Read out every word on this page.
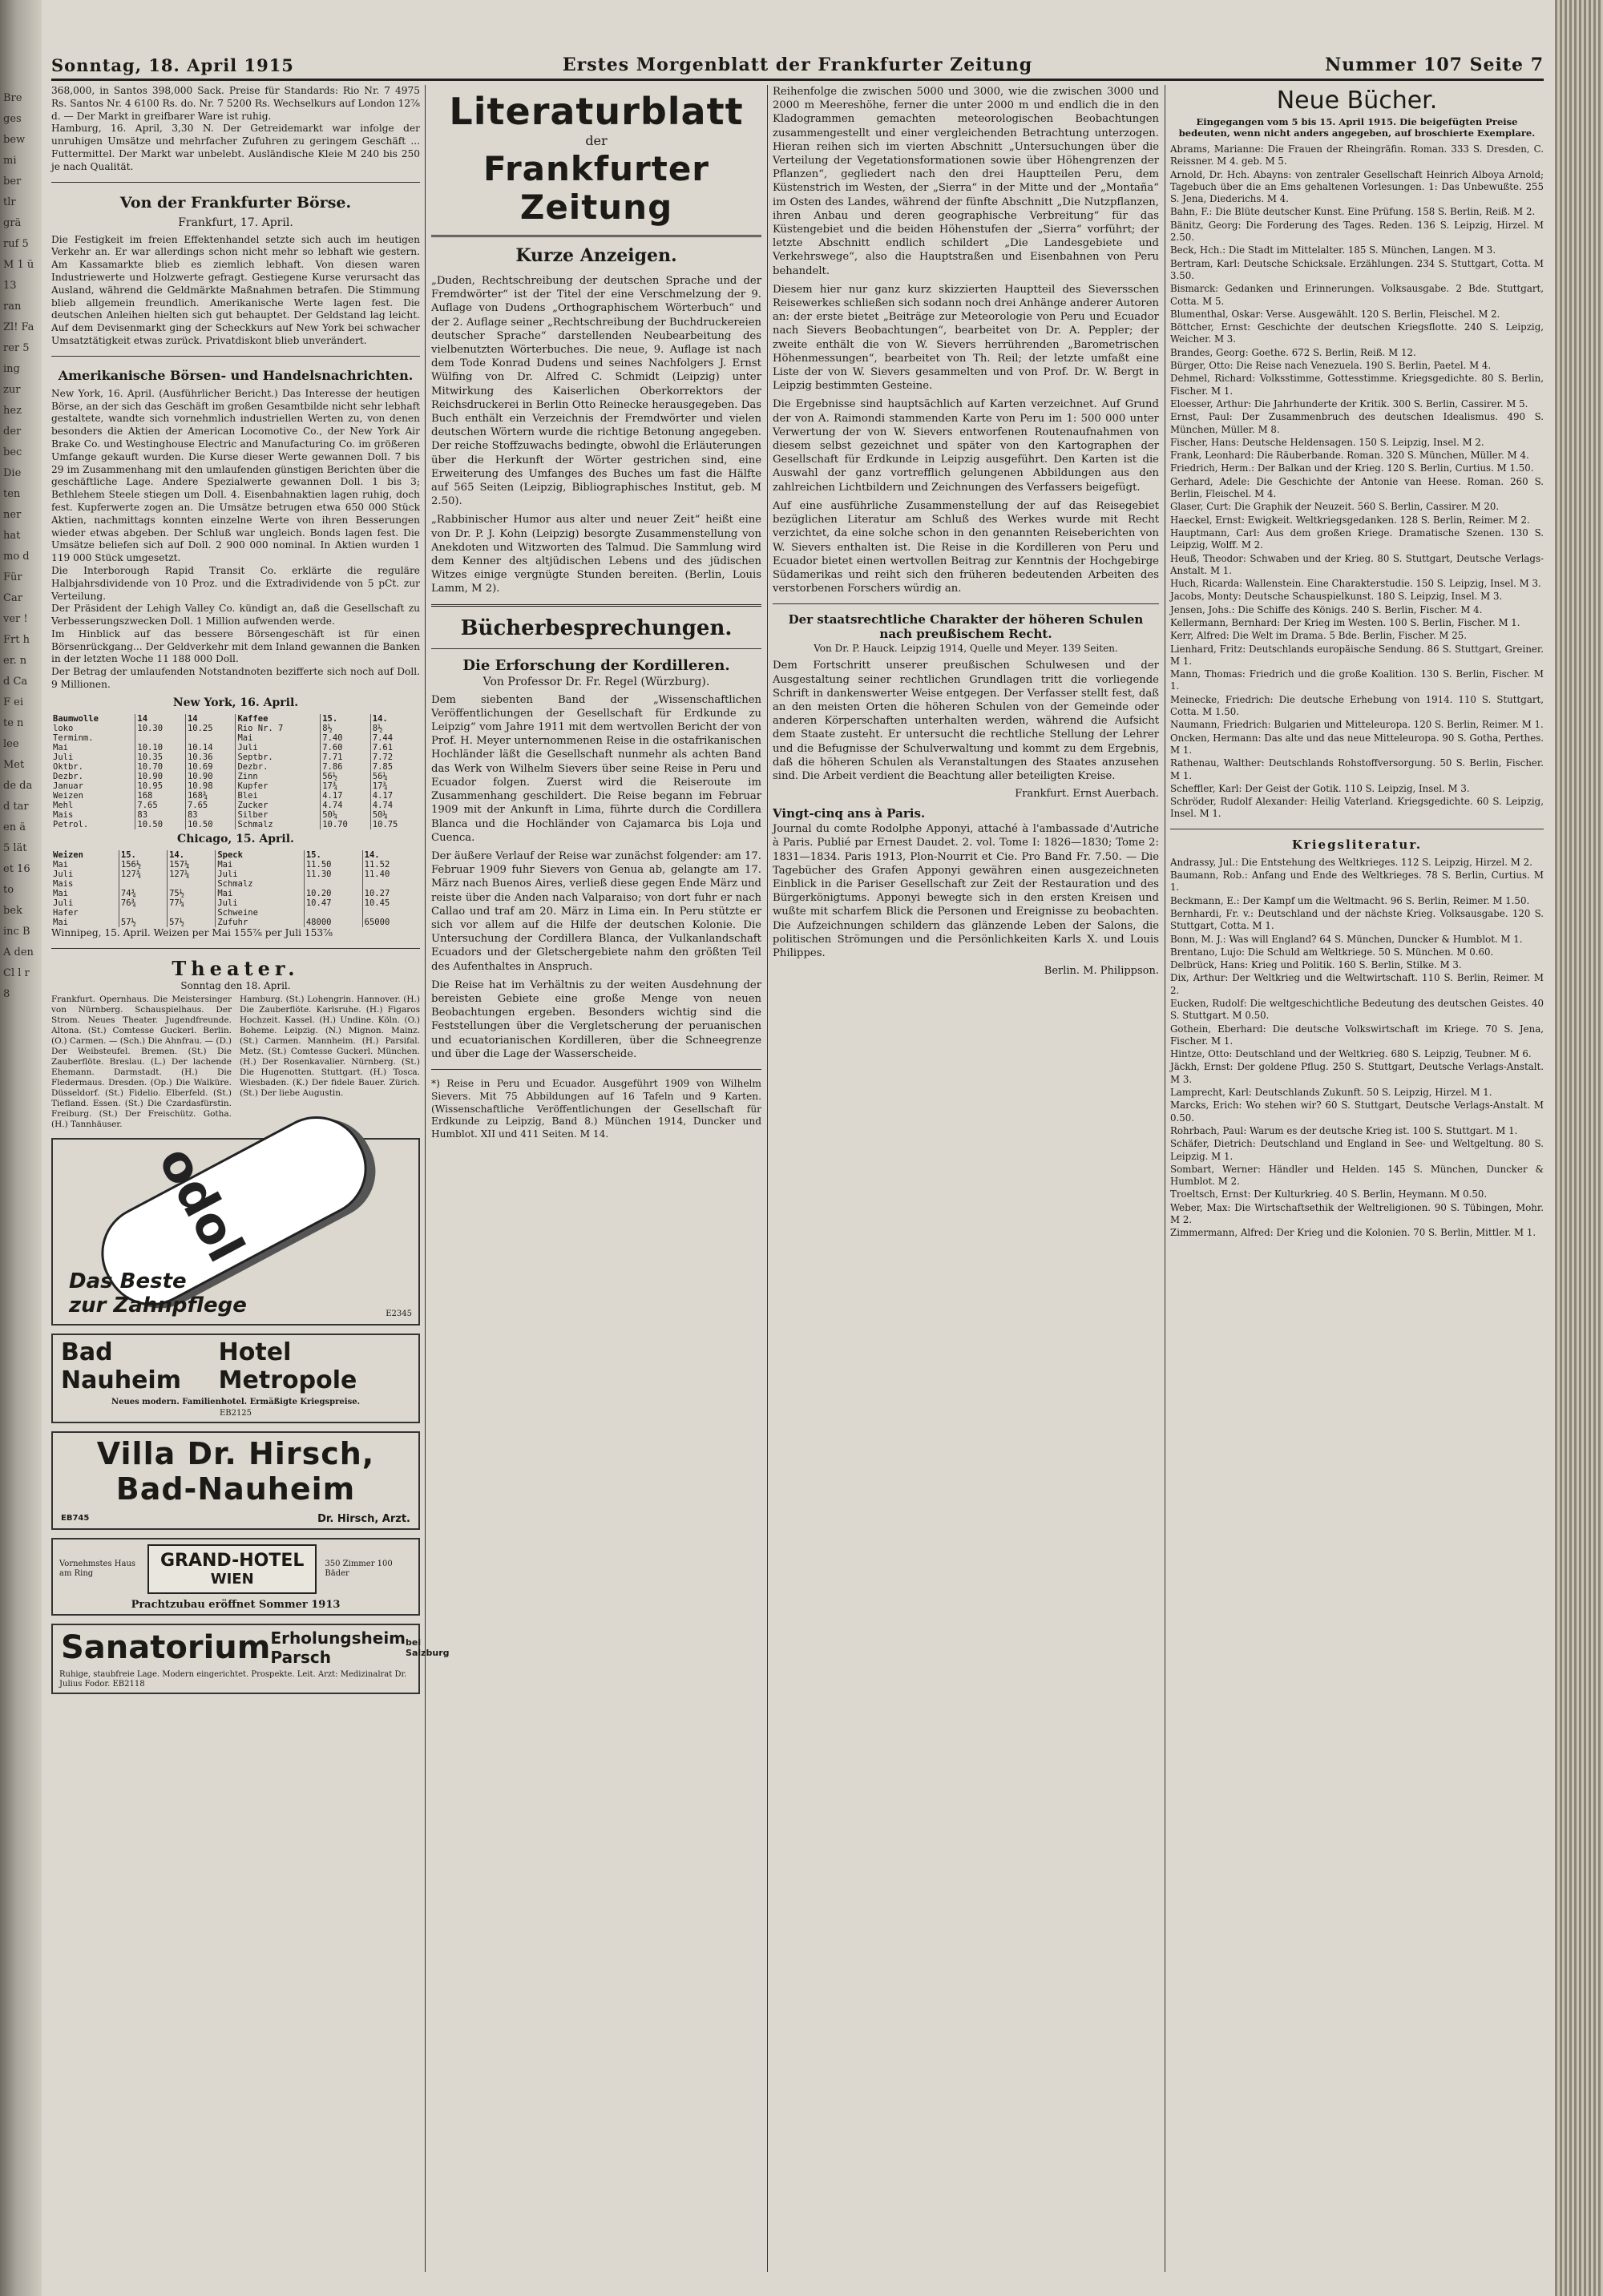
Bre ges bew mi ber tlr grä ruf 5 M 1 ü 13 ran Zl! Fa rer 5 ing zur hez der bec Die ten ner hat mo d Für Car ver ! Frt h er. n d Ca F ei te n lee Met de da d tar en ä 5 lät et 16 to bek inc B A den Cl l r 8
Sonntag, 18. April 1915	Erstes Morgenblatt der Frankfurter Zeitung	Nummer 107 Seite 7

368,000, in Santos 398,000 Sack. Preise für Standards: Rio Nr. 7 4975 Rs. Santos Nr. 4 6100 Rs. do. Nr. 7 5200 Rs. Wechselkurs auf London 12⅞ d. — Der Markt in greifbarer Ware ist ruhig.

Hamburg, 16. April, 3,30 N. Der Getreidemarkt war infolge der unruhigen Umsätze und mehrfacher Zufuhren zu geringem Geschäft ... Futtermittel. Der Markt war unbelebt. Ausländische Kleie M 240 bis 250 je nach Qualität.

Von der Frankfurter Börse.
Frankfurt, 17. April.

Die Festigkeit im freien Effektenhandel setzte sich auch im heutigen Verkehr an. Er war allerdings schon nicht mehr so lebhaft wie gestern. Am Kassamarkte blieb es ziemlich lebhaft. Von diesen waren Industriewerte und Holzwerte gefragt. Gestiegene Kurse verursacht das Ausland, während die Geldmärkte Maßnahmen betrafen. Die Stimmung blieb allgemein freundlich. Amerikanische Werte lagen fest. Die deutschen Anleihen hielten sich gut behauptet. Der Geldstand lag leicht. Auf dem Devisenmarkt ging der Scheckkurs auf New York bei schwacher Umsatztätigkeit etwas zurück. Privatdiskont blieb unverändert.

Amerikanische Börsen- und Handelsnachrichten.

New York, 16. April. (Ausführlicher Bericht.) Das Interesse der heutigen Börse, an der sich das Geschäft im großen Gesamtbilde nicht sehr lebhaft gestaltete, wandte sich vornehmlich industriellen Werten zu, von denen besonders die Aktien der American Locomotive Co., der New York Air Brake Co. und Westinghouse Electric and Manufacturing Co. im größeren Umfange gekauft wurden. Die Kurse dieser Werte gewannen Doll. 7 bis 29 im Zusammenhang mit den umlaufenden günstigen Berichten über die geschäftliche Lage. Andere Spezialwerte gewannen Doll. 1 bis 3; Bethlehem Steele stiegen um Doll. 4. Eisenbahnaktien lagen ruhig, doch fest. Kupferwerte zogen an. Die Umsätze betrugen etwa 650 000 Stück Aktien, nachmittags konnten einzelne Werte von ihren Besserungen wieder etwas abgeben. Der Schluß war ungleich. Bonds lagen fest. Die Umsätze beliefen sich auf Doll. 2 900 000 nominal. In Aktien wurden 1 119 000 Stück umgesetzt.

Die Interborough Rapid Transit Co. erklärte die reguläre Halbjahrsdividende von 10 Proz. und die Extradividende von 5 pCt. zur Verteilung.

Der Präsident der Lehigh Valley Co. kündigt an, daß die Gesellschaft zu Verbesserungszwecken Doll. 1 Million aufwenden werde.

Im Hinblick auf das bessere Börsengeschäft ist für einen Börsenrückgang... Der Geldverkehr mit dem Inland gewannen die Banken in der letzten Woche 11 188 000 Doll.

Der Betrag der umlaufenden Notstandnoten bezifferte sich noch auf Doll. 9 Millionen.

New York, 16. April.
Baumwolle	14	14	Kaffee	15.	14.
loko	10.30	10.25	Rio Nr. 7	8½	8½
Terminm.			Mai	7.40	7.44
Mai	10.10	10.14	Juli	7.60	7.61
Juli	10.35	10.36	Septbr.	7.71	7.72
Oktbr.	10.70	10.69	Dezbr.	7.86	7.85
Dezbr.	10.90	10.90	Zinn	56½	56¼
Januar	10.95	10.98	Kupfer	17¾	17¾
Weizen	168	168¾	Blei	4.17	4.17
Mehl	7.65	7.65	Zucker	4.74	4.74
Mais	83	83	Silber	50¼	50¼
Petrol.	10.50	10.50	Schmalz	10.70	10.75
Chicago, 15. April.
Weizen	15.	14.	Speck	15.	14.
Mai	156½	157¼	Mai	11.50	11.52
Juli	127¾	127¼	Juli	11.30	11.40
Mais			Schmalz		
Mai	74¾	75½	Mai	10.20	10.27
Juli	76¾	77¼	Juli	10.47	10.45
Hafer			Schweine		
Mai	57½	57½	Zufuhr	48000	65000

Winnipeg, 15. April. Weizen per Mai 155⅞ per Juli 153⅞

Theater.
Sonntag den 18. April.
Frankfurt. Opernhaus. Die Meistersinger von Nürnberg. Schauspielhaus. Der Strom. Neues Theater. Jugendfreunde. Altona. (St.) Comtesse Guckerl. Berlin. (O.) Carmen. — (Sch.) Die Ahnfrau. — (D.) Der Weibsteufel. Bremen. (St.) Die Zauberflöte. Breslau. (L.) Der lachende Ehemann. Darmstadt. (H.) Die Fledermaus. Dresden. (Op.) Die Walküre. Düsseldorf. (St.) Fidelio. Elberfeld. (St.) Tiefland. Essen. (St.) Die Czardasfürstin. Freiburg. (St.) Der Freischütz. Gotha. (H.) Tannhäuser.
Hamburg. (St.) Lohengrin. Hannover. (H.) Die Zauberflöte. Karlsruhe. (H.) Figaros Hochzeit. Kassel. (H.) Undine. Köln. (O.) Boheme. Leipzig. (N.) Mignon. Mainz. (St.) Carmen. Mannheim. (H.) Parsifal. Metz. (St.) Comtesse Guckerl. München. (H.) Der Rosenkavalier. Nürnberg. (St.) Die Hugenotten. Stuttgart. (H.) Tosca. Wiesbaden. (K.) Der fidele Bauer. Zürich. (St.) Der liebe Augustin.
odol
Das Beste
zur Zahnpflege	E2345
Bad Nauheim
Hotel Metropole
Neues modern. Familienhotel. Ermäßigte Kriegspreise.
EB2125
Villa Dr. Hirsch, Bad-Nauheim
EB745	Dr. Hirsch, Arzt.
Vornehmstes Haus am Ring
GRAND-HOTEL
WIEN
350 Zimmer 100 Bäder
Prachtzubau eröffnet Sommer 1913
Sanatorium Erholungsheim Parsch
bei Salzburg
Ruhige, staubfreie Lage. Modern eingerichtet. Prospekte. Leit. Arzt: Medizinalrat Dr. Julius Fodor. EB2118
Literaturblatt
der
Frankfurter Zeitung
Kurze Anzeigen.

„Duden, Rechtschreibung der deutschen Sprache und der Fremdwörter“ ist der Titel der eine Verschmelzung der 9. Auflage von Dudens „Orthographischem Wörterbuch“ und der 2. Auflage seiner „Rechtschreibung der Buchdruckereien deutscher Sprache“ darstellenden Neubearbeitung des vielbenutzten Wörterbuches. Die neue, 9. Auflage ist nach dem Tode Konrad Dudens und seines Nachfolgers J. Ernst Wülfing von Dr. Alfred C. Schmidt (Leipzig) unter Mitwirkung des Kaiserlichen Oberkorrektors der Reichsdruckerei in Berlin Otto Reinecke herausgegeben. Das Buch enthält ein Verzeichnis der Fremdwörter und vielen deutschen Wörtern wurde die richtige Betonung angegeben. Der reiche Stoffzuwachs bedingte, obwohl die Erläuterungen über die Herkunft der Wörter gestrichen sind, eine Erweiterung des Umfanges des Buches um fast die Hälfte auf 565 Seiten (Leipzig, Bibliographisches Institut, geb. M 2.50).

„Rabbinischer Humor aus alter und neuer Zeit“ heißt eine von Dr. P. J. Kohn (Leipzig) besorgte Zusammenstellung von Anekdoten und Witzworten des Talmud. Die Sammlung wird dem Kenner des altjüdischen Lebens und des jüdischen Witzes einige vergnügte Stunden bereiten. (Berlin, Louis Lamm, M 2).

Bücherbesprechungen.
Die Erforschung der Kordilleren.
Von Professor Dr. Fr. Regel (Würzburg).

Dem siebenten Band der „Wissenschaftlichen Veröffentlichungen der Gesellschaft für Erdkunde zu Leipzig“ vom Jahre 1911 mit dem wertvollen Bericht der von Prof. H. Meyer unternommenen Reise in die ostafrikanischen Hochländer läßt die Gesellschaft nunmehr als achten Band das Werk von Wilhelm Sievers über seine Reise in Peru und Ecuador folgen. Zuerst wird die Reiseroute im Zusammenhang geschildert. Die Reise begann im Februar 1909 mit der Ankunft in Lima, führte durch die Cordillera Blanca und die Hochländer von Cajamarca bis Loja und Cuenca.

Der äußere Verlauf der Reise war zunächst folgender: am 17. Februar 1909 fuhr Sievers von Genua ab, gelangte am 17. März nach Buenos Aires, verließ diese gegen Ende März und reiste über die Anden nach Valparaiso; von dort fuhr er nach Callao und traf am 20. März in Lima ein. In Peru stützte er sich vor allem auf die Hilfe der deutschen Kolonie. Die Untersuchung der Cordillera Blanca, der Vulkanlandschaft Ecuadors und der Gletschergebiete nahm den größten Teil des Aufenthaltes in Anspruch.

Die Reise hat im Verhältnis zu der weiten Ausdehnung der bereisten Gebiete eine große Menge von neuen Beobachtungen ergeben. Besonders wichtig sind die Feststellungen über die Vergletscherung der peruanischen und ecuatorianischen Kordilleren, über die Schneegrenze und über die Lage der Wasserscheide.

*) Reise in Peru und Ecuador. Ausgeführt 1909 von Wilhelm Sievers. Mit 75 Abbildungen auf 16 Tafeln und 9 Karten. (Wissenschaftliche Veröffentlichungen der Gesellschaft für Erdkunde zu Leipzig, Band 8.) München 1914, Duncker und Humblot. XII und 411 Seiten. M 14.

Reihenfolge die zwischen 5000 und 3000, wie die zwischen 3000 und 2000 m Meereshöhe, ferner die unter 2000 m und endlich die in den Kladogrammen gemachten meteorologischen Beobachtungen zusammengestellt und einer vergleichenden Betrachtung unterzogen. Hieran reihen sich im vierten Abschnitt „Untersuchungen über die Verteilung der Vegetationsformationen sowie über Höhengrenzen der Pflanzen“, gegliedert nach den drei Hauptteilen Peru, dem Küstenstrich im Westen, der „Sierra“ in der Mitte und der „Montaña“ im Osten des Landes, während der fünfte Abschnitt „Die Nutzpflanzen, ihren Anbau und deren geographische Verbreitung“ für das Küstengebiet und die beiden Höhenstufen der „Sierra“ vorführt; der letzte Abschnitt endlich schildert „Die Landesgebiete und Verkehrswege“, also die Hauptstraßen und Eisenbahnen von Peru behandelt.

Diesem hier nur ganz kurz skizzierten Hauptteil des Sieversschen Reisewerkes schließen sich sodann noch drei Anhänge anderer Autoren an: der erste bietet „Beiträge zur Meteorologie von Peru und Ecuador nach Sievers Beobachtungen“, bearbeitet von Dr. A. Peppler; der zweite enthält die von W. Sievers herrührenden „Barometrischen Höhenmessungen“, bearbeitet von Th. Reil; der letzte umfaßt eine Liste der von W. Sievers gesammelten und von Prof. Dr. W. Bergt in Leipzig bestimmten Gesteine.

Die Ergebnisse sind hauptsächlich auf Karten verzeichnet. Auf Grund der von A. Raimondi stammenden Karte von Peru im 1: 500 000 unter Verwertung der von W. Sievers entworfenen Routenaufnahmen von diesem selbst gezeichnet und später von den Kartographen der Gesellschaft für Erdkunde in Leipzig ausgeführt. Den Karten ist die Auswahl der ganz vortrefflich gelungenen Abbildungen aus den zahlreichen Lichtbildern und Zeichnungen des Verfassers beigefügt.

Auf eine ausführliche Zusammenstellung der auf das Reisegebiet bezüglichen Literatur am Schluß des Werkes wurde mit Recht verzichtet, da eine solche schon in den genannten Reiseberichten von W. Sievers enthalten ist. Die Reise in die Kordilleren von Peru und Ecuador bietet einen wertvollen Beitrag zur Kenntnis der Hochgebirge Südamerikas und reiht sich den früheren bedeutenden Arbeiten des verstorbenen Forschers würdig an.

Der staatsrechtliche Charakter der höheren Schulen nach preußischem Recht.
Von Dr. P. Hauck. Leipzig 1914, Quelle und Meyer. 139 Seiten.

Dem Fortschritt unserer preußischen Schulwesen und der Ausgestaltung seiner rechtlichen Grundlagen tritt die vorliegende Schrift in dankenswerter Weise entgegen. Der Verfasser stellt fest, daß an den meisten Orten die höheren Schulen von der Gemeinde oder anderen Körperschaften unterhalten werden, während die Aufsicht dem Staate zusteht. Er untersucht die rechtliche Stellung der Lehrer und die Befugnisse der Schulverwaltung und kommt zu dem Ergebnis, daß die höheren Schulen als Veranstaltungen des Staates anzusehen sind. Die Arbeit verdient die Beachtung aller beteiligten Kreise.

Frankfurt. Ernst Auerbach.
Vingt-cinq ans à Paris.

Journal du comte Rodolphe Apponyi, attaché à l'ambassade d'Autriche à Paris. Publié par Ernest Daudet. 2. vol. Tome I: 1826—1830; Tome 2: 1831—1834. Paris 1913, Plon-Nourrit et Cie. Pro Band Fr. 7.50. — Die Tagebücher des Grafen Apponyi gewähren einen ausgezeichneten Einblick in die Pariser Gesellschaft zur Zeit der Restauration und des Bürgerkönigtums. Apponyi bewegte sich in den ersten Kreisen und wußte mit scharfem Blick die Personen und Ereignisse zu beobachten. Die Aufzeichnungen schildern das glänzende Leben der Salons, die politischen Strömungen und die Persönlichkeiten Karls X. und Louis Philippes.

Berlin. M. Philippson.
Neue Bücher.
Eingegangen vom 5 bis 15. April 1915. Die beigefügten Preise bedeuten, wenn nicht anders angegeben, auf broschierte Exemplare.

Abrams, Marianne: Die Frauen der Rheingräfin. Roman. 333 S. Dresden, C. Reissner. M 4. geb. M 5.

Arnold, Dr. Hch. Abayns: von zentraler Gesellschaft Heinrich Alboya Arnold; Tagebuch über die an Ems gehaltenen Vorlesungen. 1: Das Unbewußte. 255 S. Jena, Diederichs. M 4.

Bahn, F.: Die Blüte deutscher Kunst. Eine Prüfung. 158 S. Berlin, Reiß. M 2.

Bänitz, Georg: Die Forderung des Tages. Reden. 136 S. Leipzig, Hirzel. M 2.50.

Beck, Hch.: Die Stadt im Mittelalter. 185 S. München, Langen. M 3.

Bertram, Karl: Deutsche Schicksale. Erzählungen. 234 S. Stuttgart, Cotta. M 3.50.

Bismarck: Gedanken und Erinnerungen. Volksausgabe. 2 Bde. Stuttgart, Cotta. M 5.

Blumenthal, Oskar: Verse. Ausgewählt. 120 S. Berlin, Fleischel. M 2.

Böttcher, Ernst: Geschichte der deutschen Kriegsflotte. 240 S. Leipzig, Weicher. M 3.

Brandes, Georg: Goethe. 672 S. Berlin, Reiß. M 12.

Bürger, Otto: Die Reise nach Venezuela. 190 S. Berlin, Paetel. M 4.

Dehmel, Richard: Volksstimme, Gottesstimme. Kriegsgedichte. 80 S. Berlin, Fischer. M 1.

Eloesser, Arthur: Die Jahrhunderte der Kritik. 300 S. Berlin, Cassirer. M 5.

Ernst, Paul: Der Zusammenbruch des deutschen Idealismus. 490 S. München, Müller. M 8.

Fischer, Hans: Deutsche Heldensagen. 150 S. Leipzig, Insel. M 2.

Frank, Leonhard: Die Räuberbande. Roman. 320 S. München, Müller. M 4.

Friedrich, Herm.: Der Balkan und der Krieg. 120 S. Berlin, Curtius. M 1.50.

Gerhard, Adele: Die Geschichte der Antonie van Heese. Roman. 260 S. Berlin, Fleischel. M 4.

Glaser, Curt: Die Graphik der Neuzeit. 560 S. Berlin, Cassirer. M 20.

Haeckel, Ernst: Ewigkeit. Weltkriegsgedanken. 128 S. Berlin, Reimer. M 2.

Hauptmann, Carl: Aus dem großen Kriege. Dramatische Szenen. 130 S. Leipzig, Wolff. M 2.

Heuß, Theodor: Schwaben und der Krieg. 80 S. Stuttgart, Deutsche Verlags-Anstalt. M 1.

Huch, Ricarda: Wallenstein. Eine Charakterstudie. 150 S. Leipzig, Insel. M 3.

Jacobs, Monty: Deutsche Schauspielkunst. 180 S. Leipzig, Insel. M 3.

Jensen, Johs.: Die Schiffe des Königs. 240 S. Berlin, Fischer. M 4.

Kellermann, Bernhard: Der Krieg im Westen. 100 S. Berlin, Fischer. M 1.

Kerr, Alfred: Die Welt im Drama. 5 Bde. Berlin, Fischer. M 25.

Lienhard, Fritz: Deutschlands europäische Sendung. 86 S. Stuttgart, Greiner. M 1.

Mann, Thomas: Friedrich und die große Koalition. 130 S. Berlin, Fischer. M 1.

Meinecke, Friedrich: Die deutsche Erhebung von 1914. 110 S. Stuttgart, Cotta. M 1.50.

Naumann, Friedrich: Bulgarien und Mitteleuropa. 120 S. Berlin, Reimer. M 1.

Oncken, Hermann: Das alte und das neue Mitteleuropa. 90 S. Gotha, Perthes. M 1.

Rathenau, Walther: Deutschlands Rohstoffversorgung. 50 S. Berlin, Fischer. M 1.

Scheffler, Karl: Der Geist der Gotik. 110 S. Leipzig, Insel. M 3.

Schröder, Rudolf Alexander: Heilig Vaterland. Kriegsgedichte. 60 S. Leipzig, Insel. M 1.

Kriegsliteratur.

Andrassy, Jul.: Die Entstehung des Weltkrieges. 112 S. Leipzig, Hirzel. M 2.

Baumann, Rob.: Anfang und Ende des Weltkrieges. 78 S. Berlin, Curtius. M 1.

Beckmann, E.: Der Kampf um die Weltmacht. 96 S. Berlin, Reimer. M 1.50.

Bernhardi, Fr. v.: Deutschland und der nächste Krieg. Volksausgabe. 120 S. Stuttgart, Cotta. M 1.

Bonn, M. J.: Was will England? 64 S. München, Duncker & Humblot. M 1.

Brentano, Lujo: Die Schuld am Weltkriege. 50 S. München. M 0.60.

Delbrück, Hans: Krieg und Politik. 160 S. Berlin, Stilke. M 3.

Dix, Arthur: Der Weltkrieg und die Weltwirtschaft. 110 S. Berlin, Reimer. M 2.

Eucken, Rudolf: Die weltgeschichtliche Bedeutung des deutschen Geistes. 40 S. Stuttgart. M 0.50.

Gothein, Eberhard: Die deutsche Volkswirtschaft im Kriege. 70 S. Jena, Fischer. M 1.

Hintze, Otto: Deutschland und der Weltkrieg. 680 S. Leipzig, Teubner. M 6.

Jäckh, Ernst: Der goldene Pflug. 250 S. Stuttgart, Deutsche Verlags-Anstalt. M 3.

Lamprecht, Karl: Deutschlands Zukunft. 50 S. Leipzig, Hirzel. M 1.

Marcks, Erich: Wo stehen wir? 60 S. Stuttgart, Deutsche Verlags-Anstalt. M 0.50.

Rohrbach, Paul: Warum es der deutsche Krieg ist. 100 S. Stuttgart. M 1.

Schäfer, Dietrich: Deutschland und England in See- und Weltgeltung. 80 S. Leipzig. M 1.

Sombart, Werner: Händler und Helden. 145 S. München, Duncker & Humblot. M 2.

Troeltsch, Ernst: Der Kulturkrieg. 40 S. Berlin, Heymann. M 0.50.

Weber, Max: Die Wirtschaftsethik der Weltreligionen. 90 S. Tübingen, Mohr. M 2.

Zimmermann, Alfred: Der Krieg und die Kolonien. 70 S. Berlin, Mittler. M 1.
